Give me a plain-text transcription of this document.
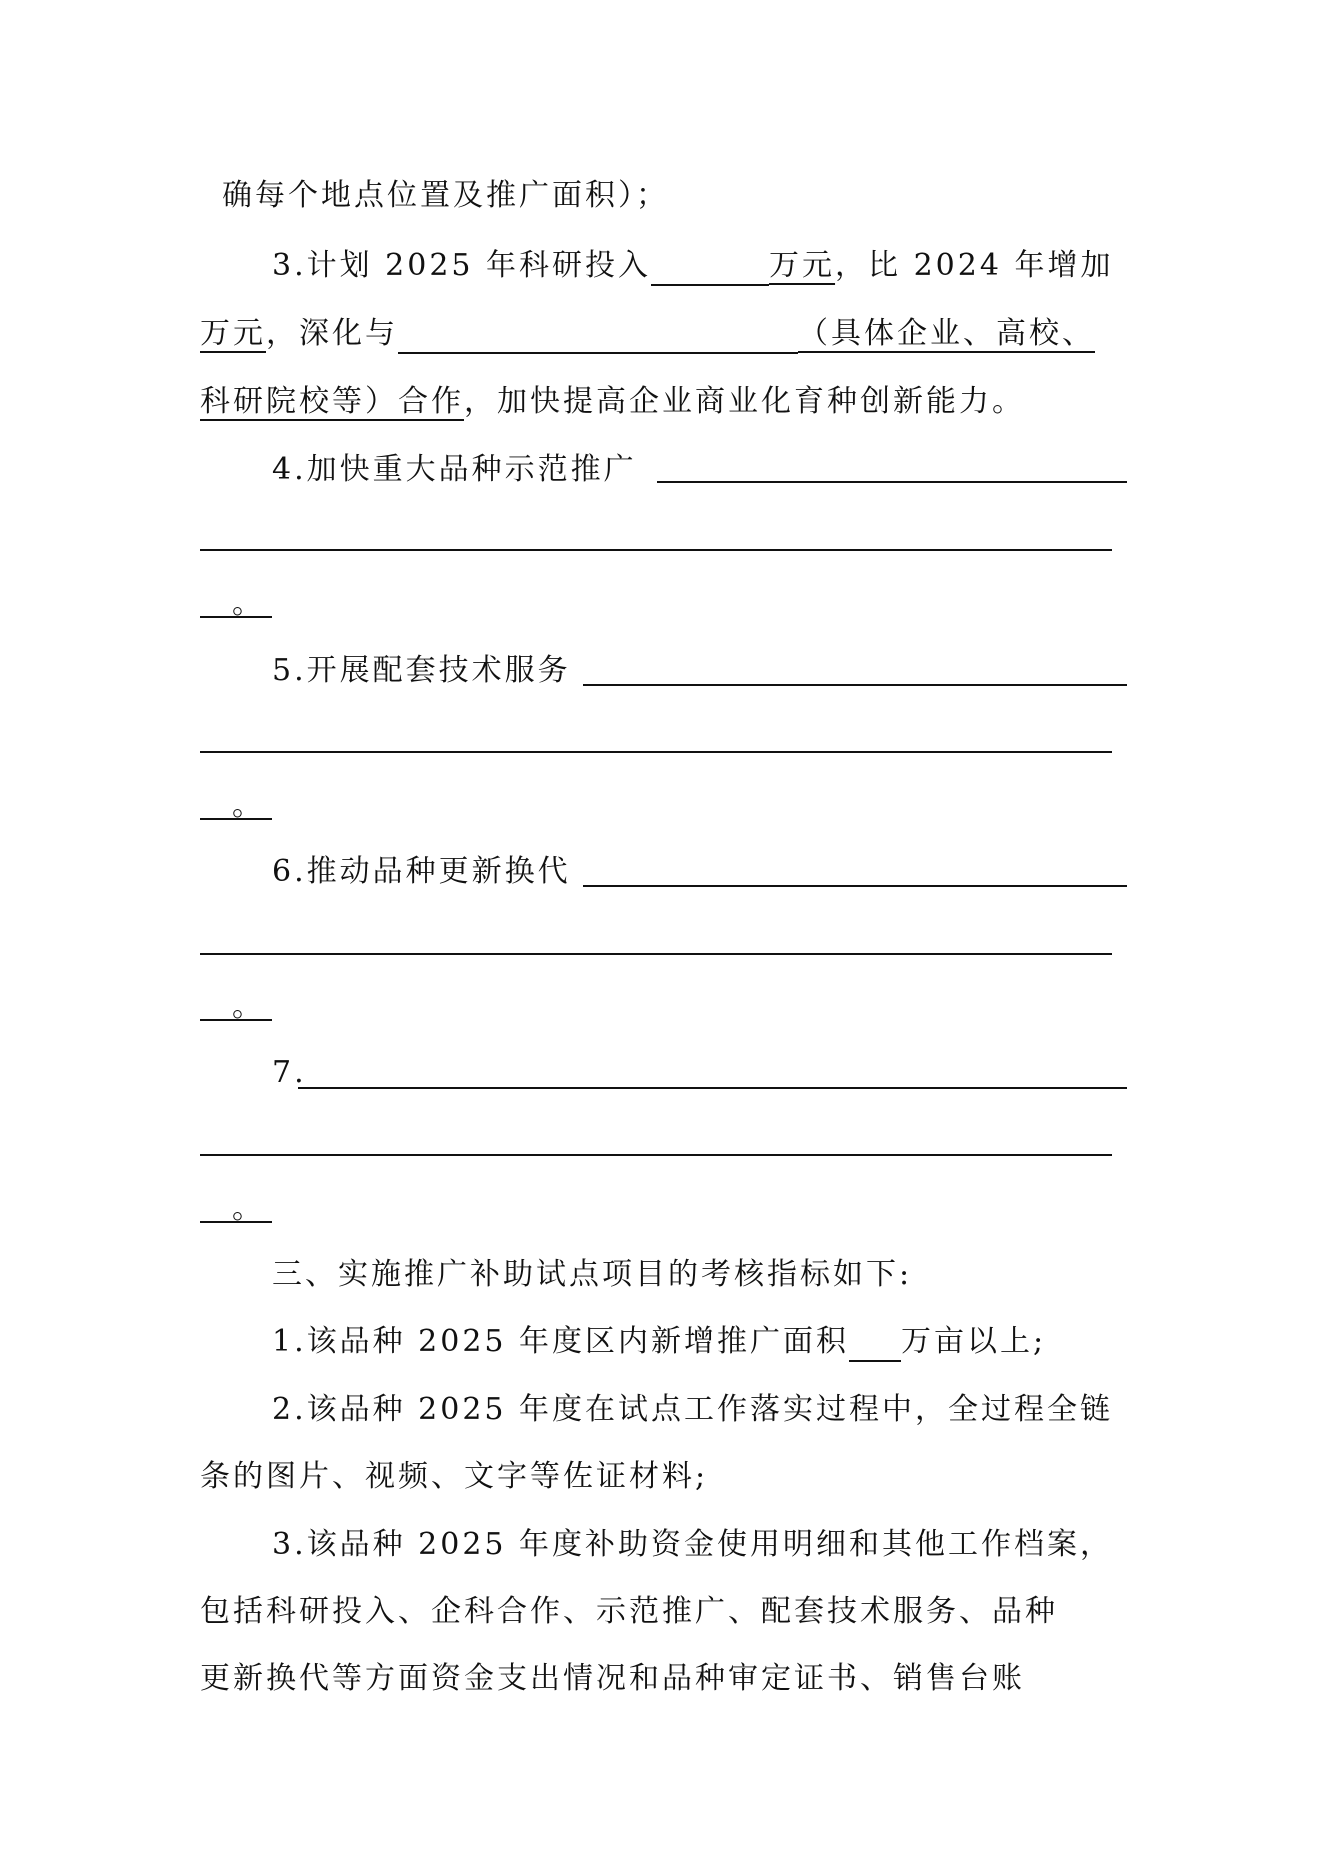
确每个地点位置及推广面积）；
3.计划 2025 年科研投入	万元，比 2024 年增加
万元，深化与	（具体企业、高校、
科研院校等）合作，加快提高企业商业化育种创新能力。
4.加快重大品种示范推广
。
5.开展配套技术服务
。
6.推动品种更新换代
。
7.
。
三、实施推广补助试点项目的考核指标如下:
1.该品种 2025 年度区内新增推广面积 万亩以上;
2.该品种 2025 年度在试点工作落实过程中，全过程全链
条的图片、视频、文字等佐证材料;
3.该品种 2025 年度补助资金使用明细和其他工作档案，
包括科研投入、企科合作、示范推广、配套技术服务、品种
更新换代等方面资金支出情况和品种审定证书、销售台账
